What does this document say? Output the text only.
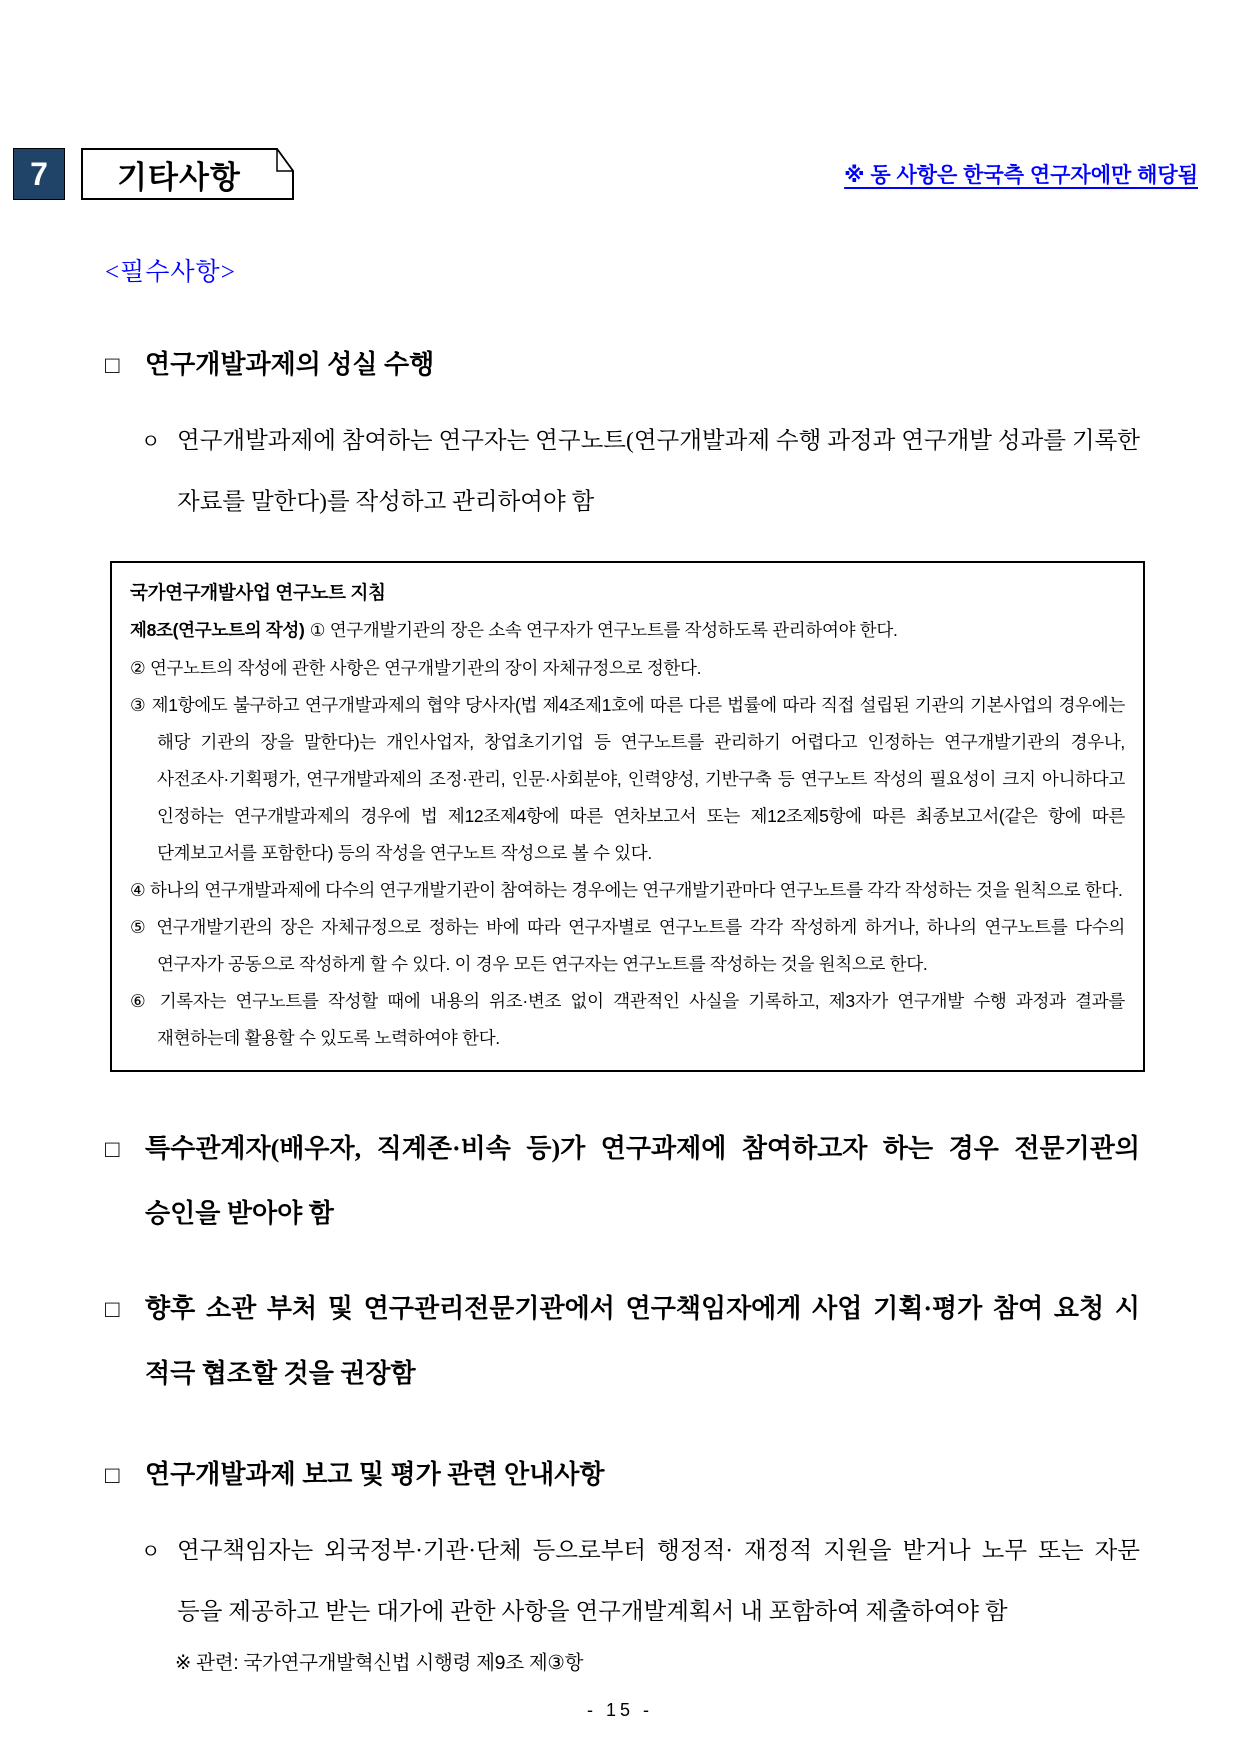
7	기타사항	※ 동 사항은 한국측 연구자에만 해당됨
<필수사항>
□ 연구개발과제의 성실 수행
ㅇ 연구개발과제에 참여하는 연구자는 연구노트(연구개발과제 수행 과정과 연구개발 성과를 기록한 자료를 말한다)를 작성하고 관리하여야 함
국가연구개발사업 연구노트 지침
제8조(연구노트의 작성) ① 연구개발기관의 장은 소속 연구자가 연구노트를 작성하도록 관리하여야 한다.
② 연구노트의 작성에 관한 사항은 연구개발기관의 장이 자체규정으로 정한다.
③ 제1항에도 불구하고 연구개발과제의 협약 당사자(법 제4조제1호에 따른 다른 법률에 따라 직접 설립된 기관의 기본사업의 경우에는 해당 기관의 장을 말한다)는 개인사업자, 창업초기기업 등 연구노트를 관리하기 어렵다고 인정하는 연구개발기관의 경우나, 사전조사·기획평가, 연구개발과제의 조정·관리, 인문·사회분야, 인력양성, 기반구축 등 연구노트 작성의 필요성이 크지 아니하다고 인정하는 연구개발과제의 경우에 법 제12조제4항에 따른 연차보고서 또는 제12조제5항에 따른 최종보고서(같은 항에 따른 단계보고서를 포함한다) 등의 작성을 연구노트 작성으로 볼 수 있다.
④ 하나의 연구개발과제에 다수의 연구개발기관이 참여하는 경우에는 연구개발기관마다 연구노트를 각각 작성하는 것을 원칙으로 한다.
⑤ 연구개발기관의 장은 자체규정으로 정하는 바에 따라 연구자별로 연구노트를 각각 작성하게 하거나, 하나의 연구노트를 다수의 연구자가 공동으로 작성하게 할 수 있다. 이 경우 모든 연구자는 연구노트를 작성하는 것을 원칙으로 한다.
⑥ 기록자는 연구노트를 작성할 때에 내용의 위조·변조 없이 객관적인 사실을 기록하고, 제3자가 연구개발 수행 과정과 결과를 재현하는데 활용할 수 있도록 노력하여야 한다.
□ 특수관계자(배우자, 직계존·비속 등)가 연구과제에 참여하고자 하는 경우 전문기관의 승인을 받아야 함
□ 향후 소관 부처 및 연구관리전문기관에서 연구책임자에게 사업 기획·평가 참여 요청 시 적극 협조할 것을 권장함
□ 연구개발과제 보고 및 평가 관련 안내사항
ㅇ 연구책임자는 외국정부·기관·단체 등으로부터 행정적· 재정적 지원을 받거나 노무 또는 자문 등을 제공하고 받는 대가에 관한 사항을 연구개발계획서 내 포함하여 제출하여야 함
※ 관련: 국가연구개발혁신법 시행령 제9조 제③항
- 15 -
